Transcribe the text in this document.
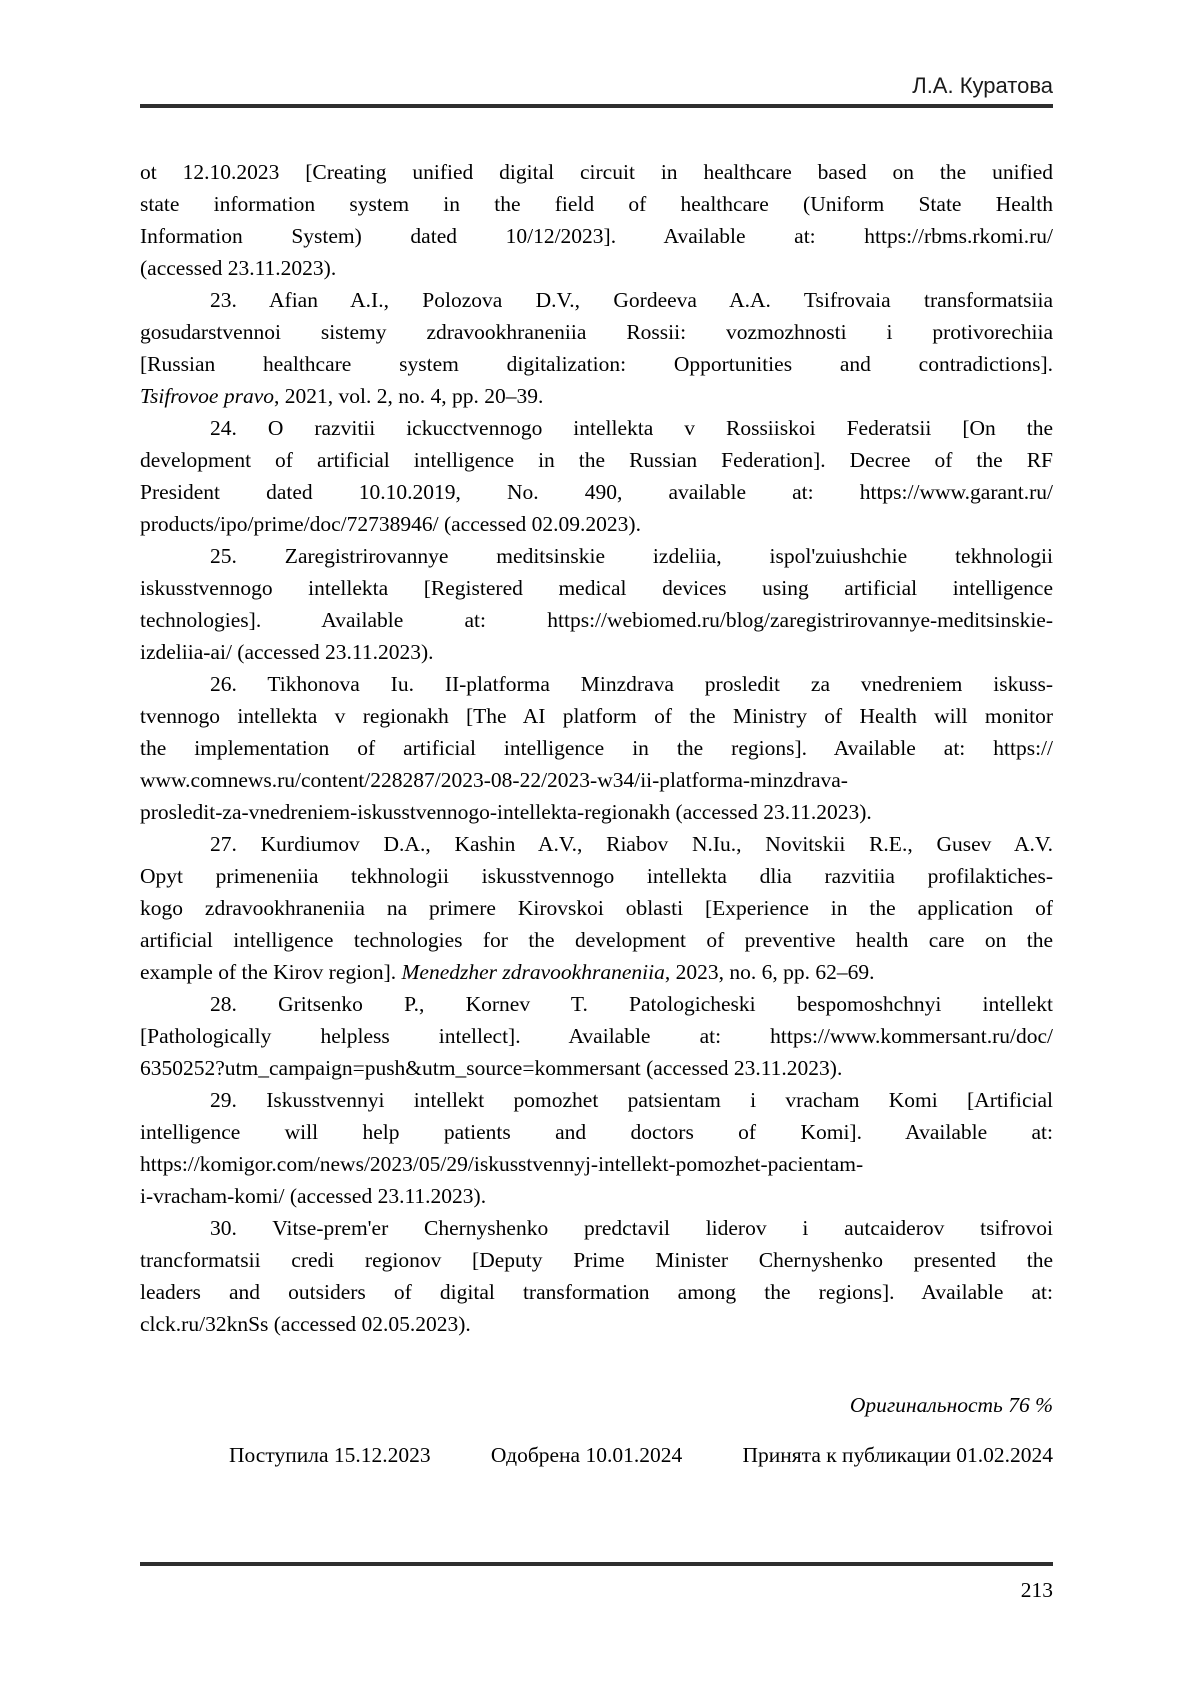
Л.А. Куратова
ot 12.10.2023 [Creating unified digital circuit in healthcare based on the unified
state information system in the field of healthcare (Uniform State Health
Information System) dated 10/12/2023]. Available at: https://rbms.rkomi.ru/
(accessed 23.11.2023).
23. Afian A.I., Polozova D.V., Gordeeva A.A. Tsifrovaia transformatsiia
gosudarstvennoi sistemy zdravookhraneniia Rossii: vozmozhnosti i protivorechiia
[Russian healthcare system digitalization: Opportunities and contradictions].
Tsifrovoe pravo, 2021, vol. 2, no. 4, pp. 20–39.
24. O razvitii ickucctvennogo intellekta v Rossiiskoi Federatsii [On the
development of artificial intelligence in the Russian Federation]. Decree of the RF
President dated 10.10.2019, No. 490, available at: https://www.garant.ru/
products/ipo/prime/doc/72738946/ (accessed 02.09.2023).
25. Zaregistrirovannye meditsinskie izdeliia, ispol'zuiushchie tekhnologii
iskusstvennogo intellekta [Registered medical devices using artificial intelligence
technologies]. Available at: https://webiomed.ru/blog/zaregistrirovannye-meditsinskie-
izdeliia-ai/ (accessed 23.11.2023).
26. Tikhonova Iu. II-platforma Minzdrava prosledit za vnedreniem iskuss-
tvennogo intellekta v regionakh [The AI platform of the Ministry of Health will monitor
the implementation of artificial intelligence in the regions]. Available at: https://
www.comnews.ru/content/228287/2023-08-22/2023-w34/ii-platforma-minzdrava-
prosledit-za-vnedreniem-iskusstvennogo-intellekta-regionakh (accessed 23.11.2023).
27. Kurdiumov D.A., Kashin A.V., Riabov N.Iu., Novitskii R.E., Gusev A.V.
Opyt primeneniia tekhnologii iskusstvennogo intellekta dlia razvitiia profilaktiches-
kogo zdravookhraneniia na primere Kirovskoi oblasti [Experience in the application of
artificial intelligence technologies for the development of preventive health care on the
example of the Kirov region]. Menedzher zdravookhraneniia, 2023, no. 6, pp. 62–69.
28. Gritsenko P., Kornev T. Patologicheski bespomoshchnyi intellekt
[Pathologically helpless intellect]. Available at: https://www.kommersant.ru/doc/
6350252?utm_campaign=push&utm_source=kommersant (accessed 23.11.2023).
29. Iskusstvennyi intellekt pomozhet patsientam i vracham Komi [Artificial
intelligence will help patients and doctors of Komi]. Available at:
https://komigor.com/news/2023/05/29/iskusstvennyj-intellekt-pomozhet-pacientam-
i-vracham-komi/ (accessed 23.11.2023).
30. Vitse-prem'er Chernyshenko predctavil liderov i autcaiderov tsifrovoi
trancformatsii credi regionov [Deputy Prime Minister Chernyshenko presented the
leaders and outsiders of digital transformation among the regions]. Available at:
clck.ru/32knSs (accessed 02.05.2023).
Оригинальность 76 %
Поступила 15.12.2023	Одобрена 10.01.2024	Принята к публикации 01.02.2024
213
